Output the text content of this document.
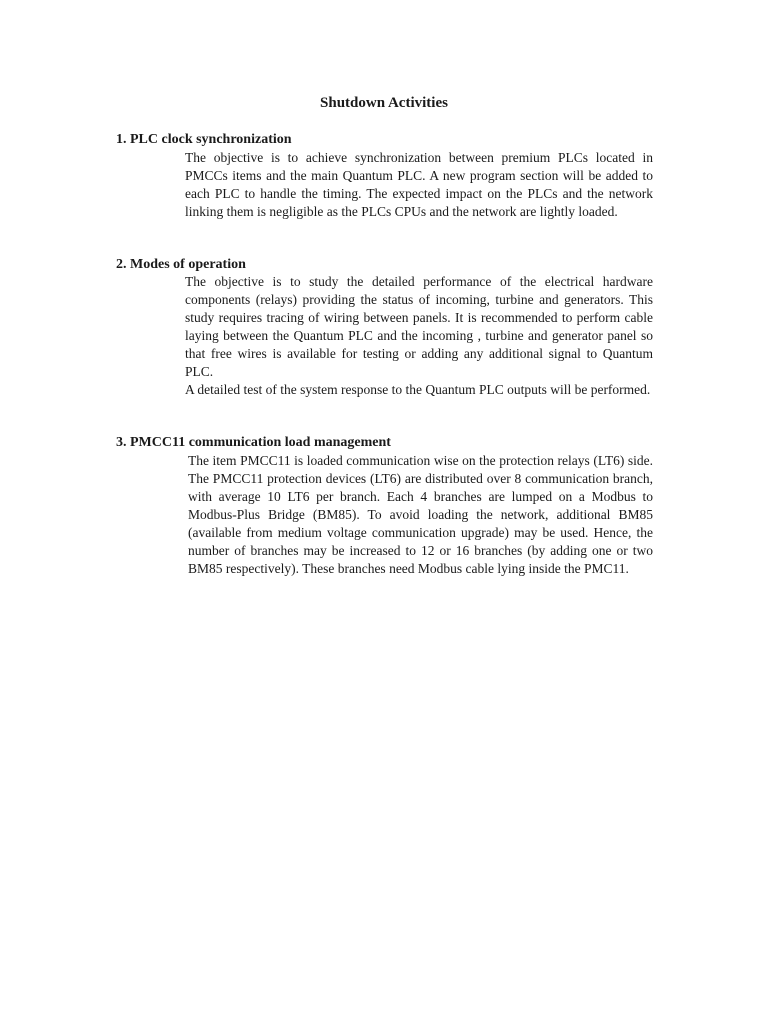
Shutdown Activities
1. PLC clock synchronization

The objective is to achieve synchronization between premium PLCs located in PMCCs items and the main Quantum PLC. A new program section will be added to each PLC to handle the timing. The expected impact on the PLCs and the network linking them is negligible as the PLCs CPUs and the network are lightly loaded.

2. Modes of operation

The objective is to study the detailed performance of the electrical hardware components (relays) providing the status of incoming, turbine and generators. This study requires tracing of wiring between panels. It is recommended to perform cable laying between the Quantum PLC and the incoming , turbine and generator panel so that free wires is available for testing or adding any additional signal to Quantum PLC.

A detailed test of the system response to the Quantum PLC outputs will be performed.

3. PMCC11 communication load management

The item PMCC11 is loaded communication wise on the protection relays (LT6) side. The PMCC11 protection devices (LT6) are distributed over 8 communication branch, with average 10 LT6 per branch. Each 4 branches are lumped on a Modbus to Modbus-Plus Bridge (BM85). To avoid loading the network, additional BM85 (available from medium voltage communication upgrade) may be used. Hence, the number of branches may be increased to 12 or 16 branches (by adding one or two BM85 respectively). These branches need Modbus cable lying inside the PMC11.
